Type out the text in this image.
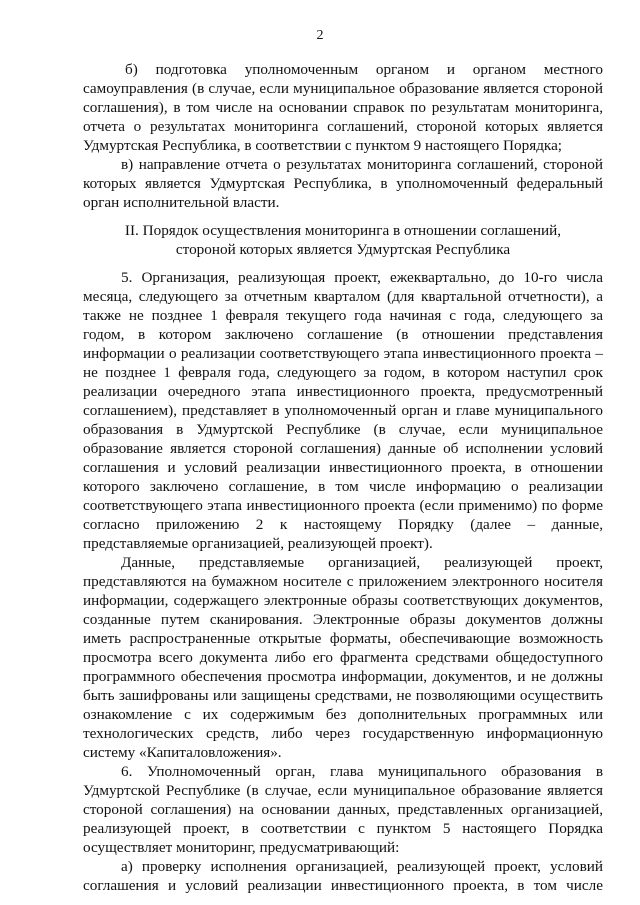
2
б) подготовка уполномоченным органом и органом местного
самоуправления (в случае, если муниципальное образование является стороной
соглашения), в том числе на основании справок по результатам мониторинга,
отчета о результатах мониторинга соглашений, стороной которых является
Удмуртская Республика, в соответствии с пунктом 9 настоящего Порядка;
в) направление отчета о результатах мониторинга соглашений, стороной
которых является Удмуртская Республика, в уполномоченный федеральный
орган исполнительной власти.
II. Порядок осуществления мониторинга в отношении соглашений,
стороной которых является Удмуртская Республика
5. Организация, реализующая проект, ежеквартально, до 10-го числа
месяца, следующего за отчетным кварталом (для квартальной отчетности), а
также не позднее 1 февраля текущего года начиная с года, следующего за
годом, в котором заключено соглашение (в отношении представления
информации о реализации соответствующего этапа инвестиционного проекта –
не позднее 1 февраля года, следующего за годом, в котором наступил срок
реализации очередного этапа инвестиционного проекта, предусмотренный
соглашением), представляет в уполномоченный орган и главе муниципального
образования в Удмуртской Республике (в случае, если муниципальное
образование является стороной соглашения) данные об исполнении условий
соглашения и условий реализации инвестиционного проекта, в отношении
которого заключено соглашение, в том числе информацию о реализации
соответствующего этапа инвестиционного проекта (если применимо) по форме
согласно приложению 2 к настоящему Порядку (далее – данные,
представляемые организацией, реализующей проект).
Данные, представляемые организацией, реализующей проект,
представляются на бумажном носителе с приложением электронного носителя
информации, содержащего электронные образы соответствующих документов,
созданные путем сканирования. Электронные образы документов должны
иметь распространенные открытые форматы, обеспечивающие возможность
просмотра всего документа либо его фрагмента средствами общедоступного
программного обеспечения просмотра информации, документов, и не должны
быть зашифрованы или защищены средствами, не позволяющими осуществить
ознакомление с их содержимым без дополнительных программных или
технологических средств, либо через государственную информационную
систему «Капиталовложения».
6. Уполномоченный орган, глава муниципального образования в
Удмуртской Республике (в случае, если муниципальное образование является
стороной соглашения) на основании данных, представленных организацией,
реализующей проект, в соответствии с пунктом 5 настоящего Порядка
осуществляет мониторинг, предусматривающий:
а) проверку исполнения организацией, реализующей проект, условий
соглашения и условий реализации инвестиционного проекта, в том числе
